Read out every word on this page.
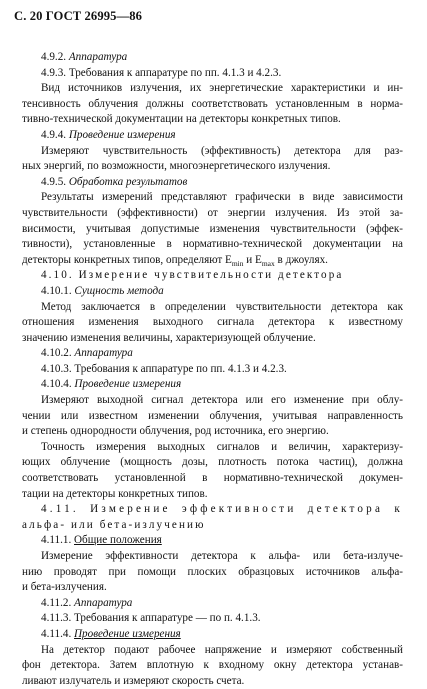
С. 20 ГОСТ 26995—86
4.9.2. Аппаратура
4.9.3. Требования к аппаратуре по пп. 4.1.3 и 4.2.3.
Вид источников излучения, их энергетические характеристики и ин-
тенсивность облучения должны соответствовать установленным в норма-
тивно-технической документации на детекторы конкретных типов.
4.9.4. Проведение измерения
Измеряют чувствительность (эффективность) детектора для раз-
ных энергий, по возможности, многоэнергетического излучения.
4.9.5. Обработка результатов
Результаты измерений представляют графически в виде зависимости
чувствительности (эффективности) от энергии излучения. Из этой за-
висимости, учитывая допустимые изменения чувствительности (эффек-
тивности), установленные в нормативно-технической документации на
детекторы конкретных типов, определяют $E_{min}$ и $E_{max}$ в джоулях.
4.10. Измерение чувствительности детектора
4.10.1. Сущность метода
Метод заключается в определении чувствительности детектора как
отношения изменения выходного сигнала детектора к известному
значению изменения величины, характеризующей облучение.
4.10.2. Аппаратура
4.10.3. Требования к аппаратуре по пп. 4.1.3 и 4.2.3.
4.10.4. Проведение измерения
Измеряют выходной сигнал детектора или его изменение при облу-
чении или известном изменении облучения, учитывая направленность
и степень однородности облучения, род источника, его энергию.
Точность измерения выходных сигналов и величин, характеризу-
ющих облучение (мощность дозы, плотность потока частиц), должна
соответствовать установленной в нормативно-технической докумен-
тации на детекторы конкретных типов.
4.11. Измерение эффективности детектора к
альфа- или бета-излучению
4.11.1. Общие положения
Измерение эффективности детектора к альфа- или бета-излуче-
нию проводят при помощи плоских образцовых источников альфа-
и бета-излучения.
4.11.2. Аппаратура
4.11.3. Требования к аппаратуре — по п. 4.1.3.
4.11.4. Проведение измерения
На детектор подают рабочее напряжение и измеряют собственный
фон детектора. Затем вплотную к входному окну детектора устанав-
ливают излучатель и измеряют скорость счета.
